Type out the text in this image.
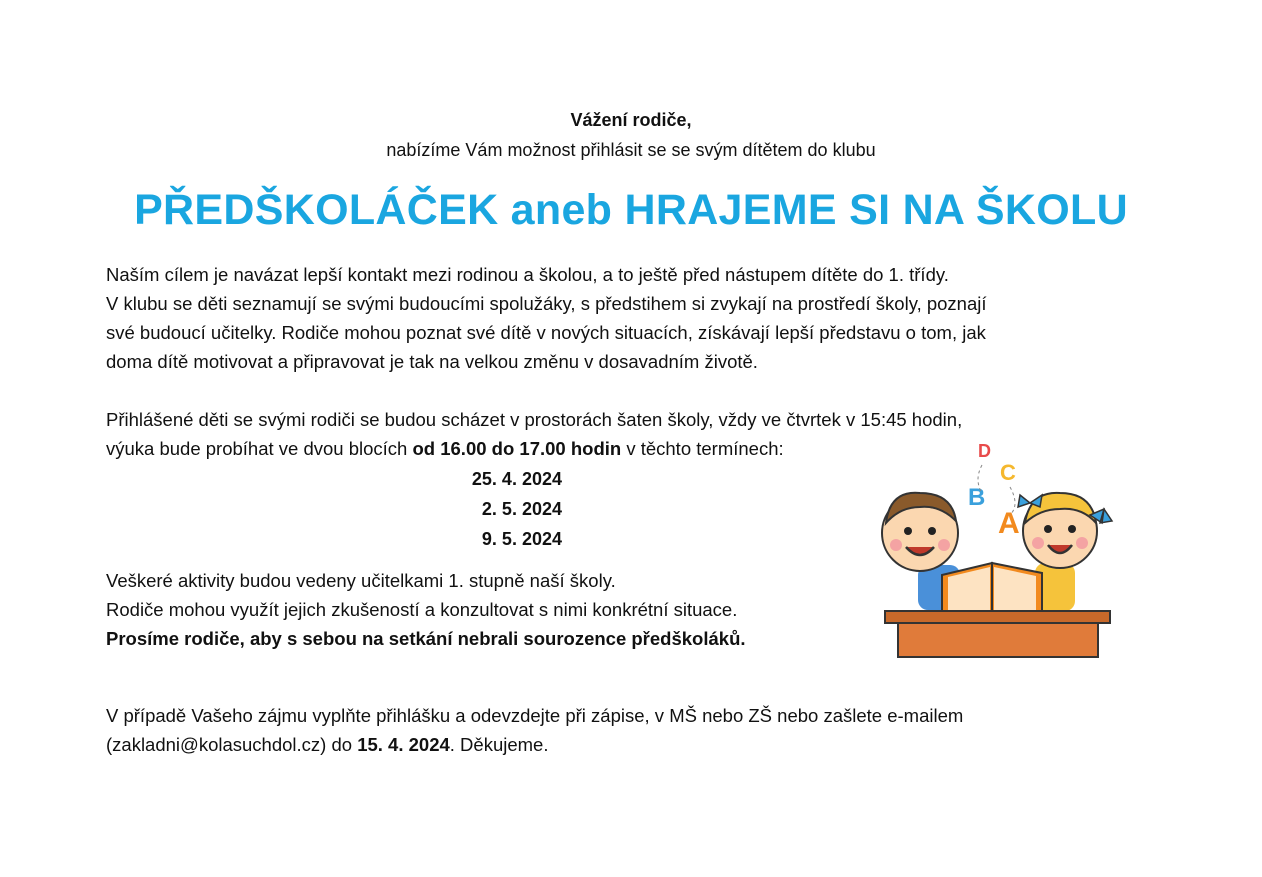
Vážení rodiče,
nabízíme Vám možnost přihlásit se se svým dítětem do klubu
PŘEDŠKOLÁČEK aneb HRAJEME SI NA ŠKOLU
Naším cílem je navázat lepší kontakt mezi rodinou a školou, a to ještě před nástupem dítěte do 1. třídy.
V klubu se děti seznamují se svými budoucími spolužáky, s předstihem si zvykají na prostředí školy, poznají
své budoucí učitelky. Rodiče mohou poznat své dítě v nových situacích, získávají lepší představu o tom, jak
doma dítě motivovat a připravovat je tak na velkou změnu v dosavadním životě.
Přihlášené děti se svými rodiči se budou scházet v prostorách šaten školy, vždy ve čtvrtek v 15:45 hodin,
výuka bude probíhat ve dvou blocích od 16.00 do 17.00 hodin v těchto termínech:
25. 4. 2024
2. 5. 2024
9. 5. 2024
Veškeré aktivity budou vedeny učitelkami 1. stupně naší školy.
Rodiče mohou využít jejich zkušeností a konzultovat s nimi konkrétní situace.
Prosíme rodiče, aby s sebou na setkání nebrali sourozence předškoláků.
V případě Vašeho zájmu vyplňte přihlášku a odevzdejte při zápise, v MŠ nebo ZŠ nebo zašlete e-mailem
(zakladni@kolasuchdol.cz) do 15. 4. 2024. Děkujeme.
D
C
B
A
